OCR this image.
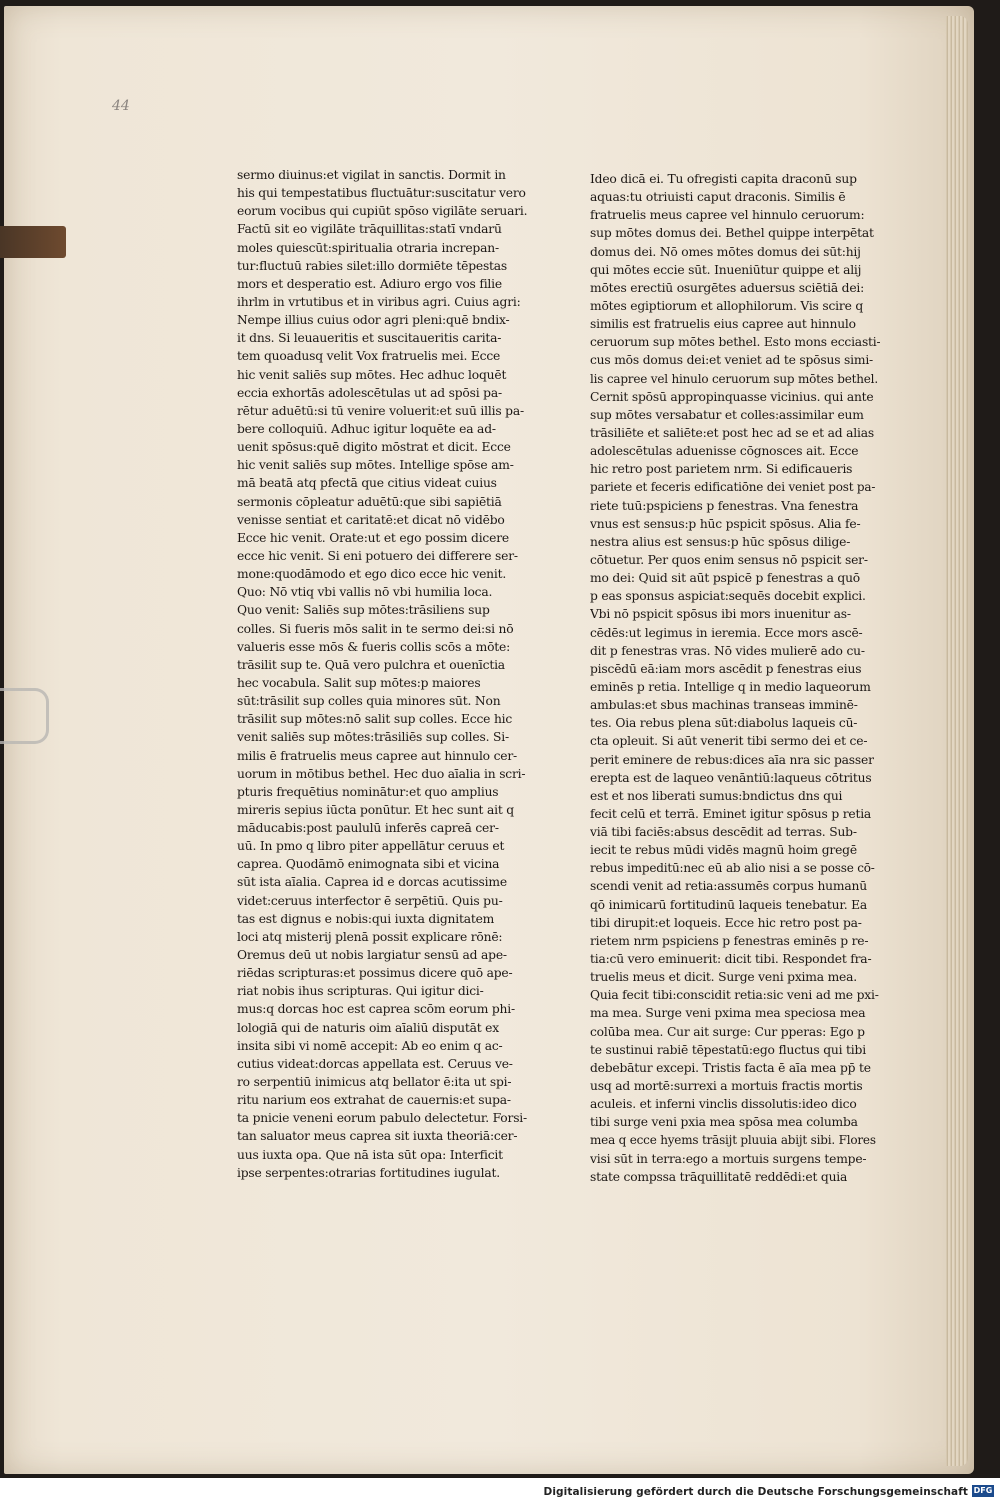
44
sermo diuinus:et vigilat in sanctis. Dormit in
his qui tempestatibus fluctuātur:suscitatur vero
eorum vocibus qui cupiūt spōso vigilāte seruari.
Factū sit eo vigilāte trāquillitas:statī vndarū
moles quiescūt:spiritualia otraria increpan-
tur:fluctuū rabies silet:illo dormiēte tēpestas
mors et desperatio est. Adiuro ergo vos filie
ihrlm in vrtutibus et in viribus agri. Cuius agri:
Nempe illius cuius odor agri pleni:quē bndix-
it dns. Si leuaueritis et suscitaueritis carita-
tem quoadusq velit Vox fratruelis mei. Ecce
hic venit saliēs sup mōtes. Hec adhuc loquēt
eccia exhortās adolescētulas ut ad spōsi pa-
rētur aduētū:si tū venire voluerit:et suū illis pa-
bere colloquiū. Adhuc igitur loquēte ea ad-
uenit spōsus:quē digito mōstrat et dicit. Ecce
hic venit saliēs sup mōtes. Intellige spōse am-
mā beatā atq pfectā que citius videat cuius
sermonis cōpleatur aduētū:que sibi sapiētiā
venisse sentiat et caritatē:et dicat nō vidēbo
Ecce hic venit. Orate:ut et ego possim dicere
ecce hic venit. Si eni potuero dei differere ser-
mone:quodāmodo et ego dico ecce hic venit.
Quo: Nō vtiq vbi vallis nō vbi humilia loca.
Quo venit: Saliēs sup mōtes:trāsiliens sup
colles. Si fueris mōs salit in te sermo dei:si nō
valueris esse mōs & fueris collis scōs a mōte:
trāsilit sup te. Quā vero pulchra et ouenīctia
hec vocabula. Salit sup mōtes:p maiores
sūt:trāsilit sup colles quia minores sūt. Non
trāsilit sup mōtes:nō salit sup colles. Ecce hic
venit saliēs sup mōtes:trāsiliēs sup colles. Si-
milis ē fratruelis meus capree aut hinnulo cer-
uorum in mōtibus bethel. Hec duo aīalia in scri-
pturis frequētius nominātur:et quo amplius
mireris sepius iūcta ponūtur. Et hec sunt ait q
māducabis:post paululū inferēs capreā cer-
uū. In pmo q libro piter appellātur ceruus et
caprea. Quodāmō enimognata sibi et vicina
sūt ista aīalia. Caprea id e dorcas acutissime
videt:ceruus interfector ē serpētiū. Quis pu-
tas est dignus e nobis:qui iuxta dignitatem
loci atq misterij plenā possit explicare rōnē:
Oremus deū ut nobis largiatur sensū ad ape-
riēdas scripturas:et possimus dicere quō ape-
riat nobis ihus scripturas. Qui igitur dici-
mus:q dorcas hoc est caprea scōm eorum phi-
lologiā qui de naturis oim aīaliū disputāt ex
insita sibi vi nomē accepit: Ab eo enim q ac-
cutius videat:dorcas appellata est. Ceruus ve-
ro serpentiū inimicus atq bellator ē:ita ut spi-
ritu narium eos extrahat de cauernis:et supa-
ta pnicie veneni eorum pabulo delectetur. Forsi-
tan saluator meus caprea sit iuxta theoriā:cer-
uus iuxta opa. Que nā ista sūt opa: Interficit
ipse serpentes:otrarias fortitudines iugulat.
Ideo dicā ei. Tu ofregisti capita draconū sup
aquas:tu otriuisti caput draconis. Similis ē
fratruelis meus capree vel hinnulo ceruorum:
sup mōtes domus dei. Bethel quippe interpētat
domus dei. Nō omes mōtes domus dei sūt:hij
qui mōtes eccie sūt. Inueniūtur quippe et alij
mōtes erectiū osurgētes aduersus sciētiā dei:
mōtes egiptiorum et allophilorum. Vis scire q
similis est fratruelis eius capree aut hinnulo
ceruorum sup mōtes bethel. Esto mons ecciasti-
cus mōs domus dei:et veniet ad te spōsus simi-
lis capree vel hinulo ceruorum sup mōtes bethel.
Cernit spōsū appropinquasse vicinius. qui ante
sup mōtes versabatur et colles:assimilar eum
trāsiliēte et saliēte:et post hec ad se et ad alias
adolescētulas aduenisse cōgnosces ait. Ecce
hic retro post parietem nrm. Si edificaueris
pariete et feceris edificatiōne dei veniet post pa-
riete tuū:pspiciens p fenestras. Vna fenestra
vnus est sensus:p hūc pspicit spōsus. Alia fe-
nestra alius est sensus:p hūc spōsus dilige-
cōtuetur. Per quos enim sensus nō pspicit ser-
mo dei: Quid sit aūt pspicē p fenestras a quō
p eas sponsus aspiciat:sequēs docebit explici.
Vbi nō pspicit spōsus ibi mors inuenitur as-
cēdēs:ut legimus in ieremia. Ecce mors ascē-
dit p fenestras vras. Nō vides mulierē ado cu-
piscēdū eā:iam mors ascēdit p fenestras eius
eminēs p retia. Intellige q in medio laqueorum
ambulas:et sbus machinas transeas imminē-
tes. Oia rebus plena sūt:diabolus laqueis cū-
cta opleuit. Si aūt venerit tibi sermo dei et ce-
perit eminere de rebus:dices aīa nra sic passer
erepta est de laqueo venāntiū:laqueus cōtritus
est et nos liberati sumus:bndictus dns qui
fecit celū et terrā. Eminet igitur spōsus p retia
viā tibi faciēs:absus descēdit ad terras. Sub-
iecit te rebus mūdi vidēs magnū hoim gregē
rebus impeditū:nec eū ab alio nisi a se posse cō-
scendi venit ad retia:assumēs corpus humanū
qō inimicarū fortitudinū laqueis tenebatur. Ea
tibi dirupit:et loqueis. Ecce hic retro post pa-
rietem nrm pspiciens p fenestras eminēs p re-
tia:cū vero eminuerit: dicit tibi. Respondet fra-
truelis meus et dicit. Surge veni pxima mea.
Quia fecit tibi:conscidit retia:sic veni ad me pxi-
ma mea. Surge veni pxima mea speciosa mea
colūba mea. Cur ait surge: Cur pperas: Ego p
te sustinui rabiē tēpestatū:ego fluctus qui tibi
debebātur excepi. Tristis facta ē aīa mea pp̄ te
usq ad mortē:surrexi a mortuis fractis mortis
aculeis. et inferni vinclis dissolutis:ideo dico
tibi surge veni pxia mea spōsa mea columba
mea q ecce hyems trāsijt pluuia abijt sibi. Flores
visi sūt in terra:ego a mortuis surgens tempe-
state compssa trāquillitatē reddēdi:et quia
Digitalisierung gefördert durch die Deutsche Forschungsgemeinschaft DFG
